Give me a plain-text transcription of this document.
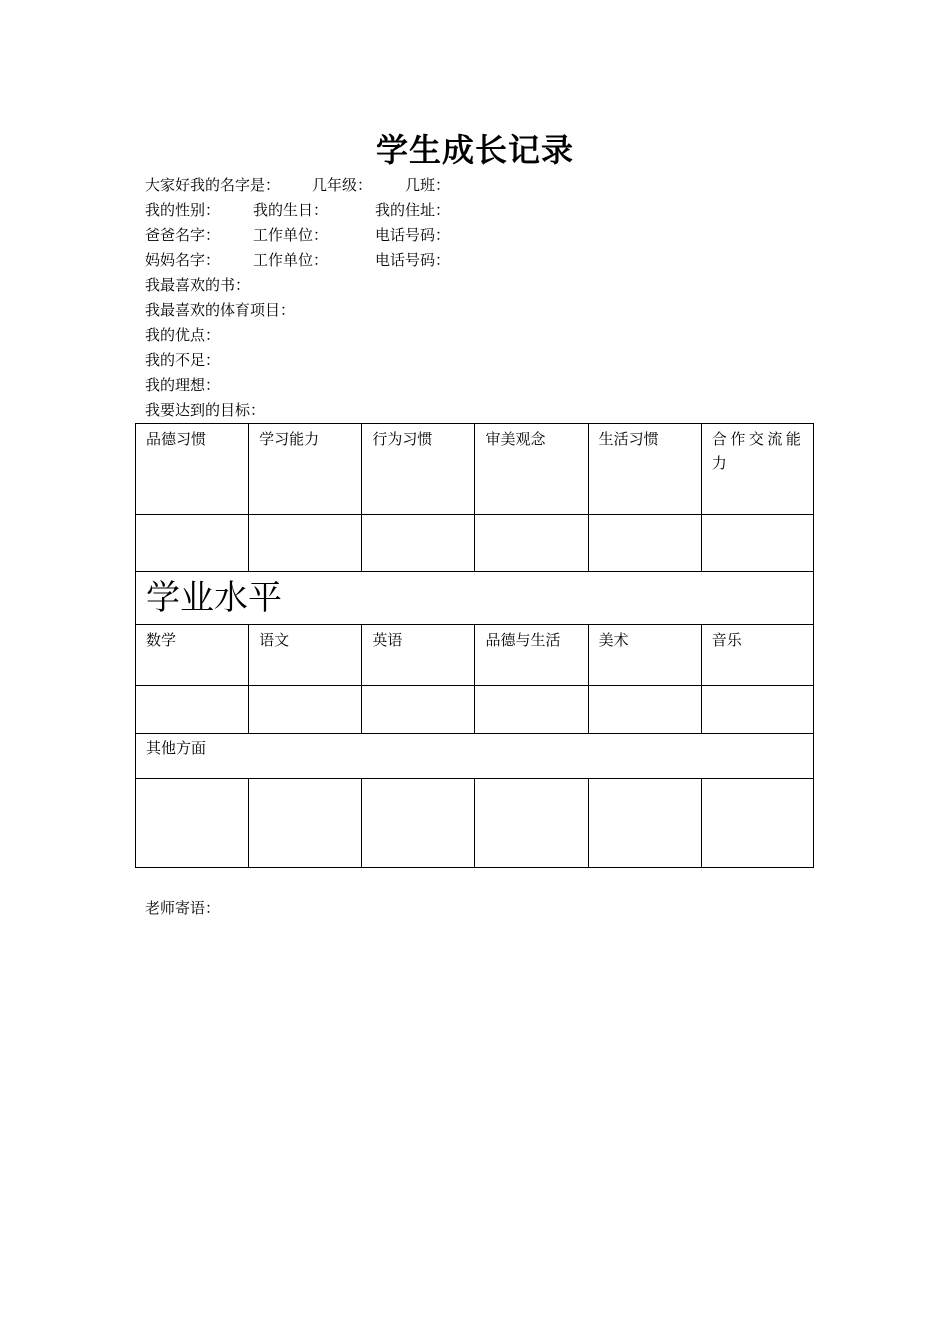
学生成长记录
大家好我的名字是： 几年级： 几班：
我的性别： 我的生日：	我的住址：
爸爸名字： 工作单位：	电话号码：
妈妈名字： 工作单位：	电话号码：
我最喜欢的书：
我最喜欢的体育项目：
我的优点：
我的不足：
我的理想：
我要达到的目标：
品德习惯	学习能力	行为习惯	审美观念	生活习惯	合作交流能力
学业水平
数学	语文	英语	品德与生活	美术	音乐
其他方面
老师寄语：
